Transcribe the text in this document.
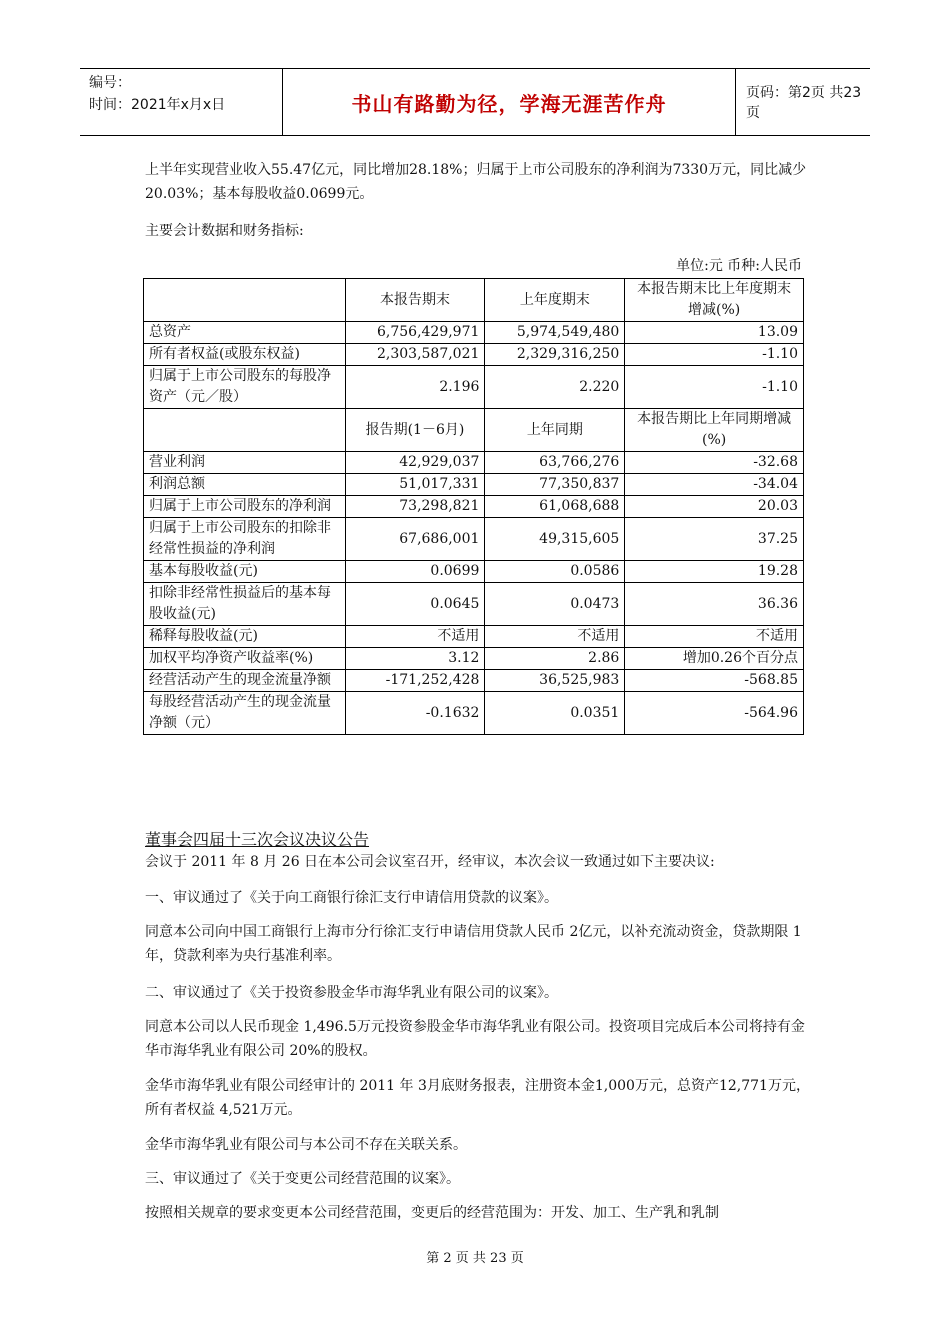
编号：
时间：2021年x月x日	书山有路勤为径，学海无涯苦作舟	页码：第2页 共23页
上半年实现营业收入55.47亿元，同比增加28.18%；归属于上市公司股东的净利润为7330万元，同比减少20.03%；基本每股收益0.0699元。
主要会计数据和财务指标:
单位:元 币种:人民币
	本报告期末	上年度期末	本报告期末比上年度期末增减(%)
总资产	6,756,429,971	5,974,549,480	13.09
所有者权益(或股东权益)	2,303,587,021	2,329,316,250	-1.10
归属于上市公司股东的每股净资产（元／股）	2.196	2.220	-1.10
	报告期(1－6月)	上年同期	本报告期比上年同期增减(%)
营业利润	42,929,037	63,766,276	-32.68
利润总额	51,017,331	77,350,837	-34.04
归属于上市公司股东的净利润	73,298,821	61,068,688	20.03
归属于上市公司股东的扣除非经常性损益的净利润	67,686,001	49,315,605	37.25
基本每股收益(元)	0.0699	0.0586	19.28
扣除非经常性损益后的基本每股收益(元)	0.0645	0.0473	36.36
稀释每股收益(元)	不适用	不适用	不适用
加权平均净资产收益率(%)	3.12	2.86	增加0.26个百分点
经营活动产生的现金流量净额	-171,252,428	36,525,983	-568.85
每股经营活动产生的现金流量净额（元）	-0.1632	0.0351	-564.96
董事会四届十三次会议决议公告
会议于 2011 年 8 月 26 日在本公司会议室召开，经审议，本次会议一致通过如下主要决议:
一、审议通过了《关于向工商银行徐汇支行申请信用贷款的议案》。
同意本公司向中国工商银行上海市分行徐汇支行申请信用贷款人民币 2亿元，以补充流动资金，贷款期限 1 年，贷款利率为央行基准利率。
二、审议通过了《关于投资参股金华市海华乳业有限公司的议案》。
同意本公司以人民币现金 1,496.5万元投资参股金华市海华乳业有限公司。投资项目完成后本公司将持有金华市海华乳业有限公司 20%的股权。
金华市海华乳业有限公司经审计的 2011 年 3月底财务报表，注册资本金1,000万元，总资产12,771万元，所有者权益 4,521万元。
金华市海华乳业有限公司与本公司不存在关联关系。
三、审议通过了《关于变更公司经营范围的议案》。
按照相关规章的要求变更本公司经营范围，变更后的经营范围为：开发、加工、生产乳和乳制
第 2 页 共 23 页
